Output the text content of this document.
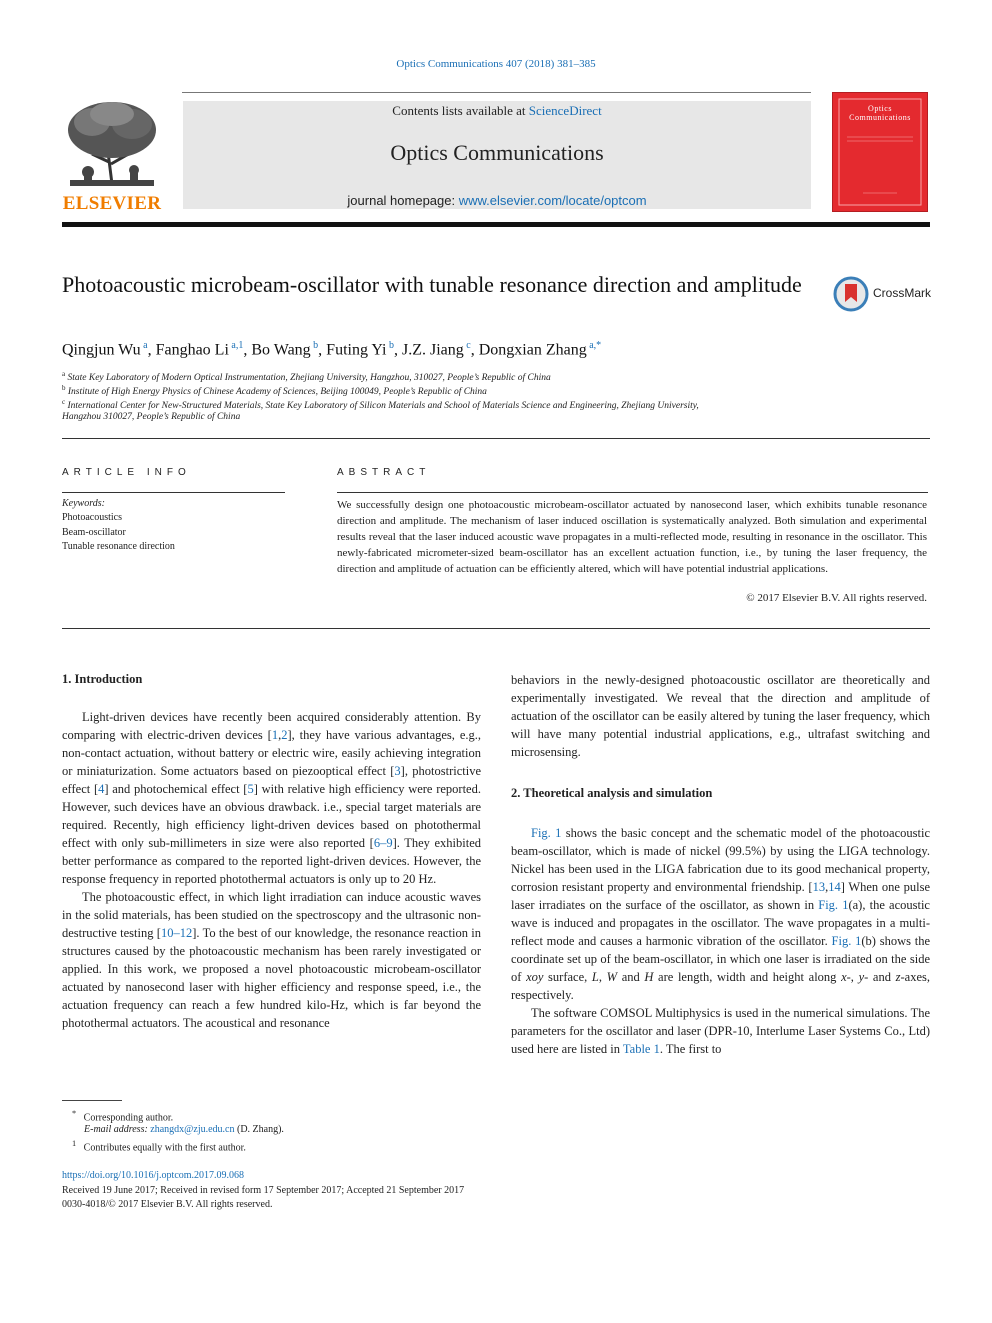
Optics Communications 407 (2018) 381–385
ELSEVIER
Contents lists available at ScienceDirect
Optics Communications
journal homepage: www.elsevier.com/locate/optcom
Optics Communications
Photoacoustic microbeam-oscillator with tunable resonance direction and amplitude	CrossMark
Qingjun Wu $^a$, Fanghao Li $^{a,1}$, Bo Wang $^b$, Futing Yi $^b$, J.Z. Jiang $^c$, Dongxian Zhang $^{a,*}$
$^a$ State Key Laboratory of Modern Optical Instrumentation, Zhejiang University, Hangzhou, 310027, People’s Republic of China
$^b$ Institute of High Energy Physics of Chinese Academy of Sciences, Beijing 100049, People’s Republic of China
$^c$ International Center for New-Structured Materials, State Key Laboratory of Silicon Materials and School of Materials Science and Engineering, Zhejiang University,
Hangzhou 310027, People’s Republic of China
ARTICLE INFO	ABSTRACT
Keywords:
Photoacoustics
Beam-oscillator
Tunable resonance direction
We successfully design one photoacoustic microbeam-oscillator actuated by nanosecond laser, which exhibits tunable resonance direction and amplitude. The mechanism of laser induced oscillation is systematically analyzed. Both simulation and experimental results reveal that the laser induced acoustic wave propagates in a multi-reflected mode, resulting in resonance in the oscillator. This newly-fabricated micrometer-sized beam-oscillator has an excellent actuation function, i.e., by tuning the laser frequency, the direction and amplitude of actuation can be efficiently altered, which will have potential industrial applications.
© 2017 Elsevier B.V. All rights reserved.
1. Introduction

Light-driven devices have recently been acquired considerably attention. By comparing with electric-driven devices [1,2], they have various advantages, e.g., non-contact actuation, without battery or electric wire, easily achieving integration or miniaturization. Some actuators based on piezooptical effect [3], photostrictive effect [4] and photochemical effect [5] with relative high efficiency were reported. However, such devices have an obvious drawback. i.e., special target materials are required. Recently, high efficiency light-driven devices based on photothermal effect with only sub-millimeters in size were also reported [6–9]. They exhibited better performance as compared to the reported light-driven devices. However, the response frequency in reported photothermal actuators is only up to 20 Hz.

The photoacoustic effect, in which light irradiation can induce acoustic waves in the solid materials, has been studied on the spectroscopy and the ultrasonic non-destructive testing [10–12]. To the best of our knowledge, the resonance reaction in structures caused by the photoacoustic mechanism has been rarely investigated or applied. In this work, we proposed a novel photoacoustic microbeam-oscillator actuated by nanosecond laser with higher efficiency and response speed, i.e., the actuation frequency can reach a few hundred kilo-Hz, which is far beyond the photothermal actuators. The acoustical and resonance

behaviors in the newly-designed photoacoustic oscillator are theoretically and experimentally investigated. We reveal that the direction and amplitude of actuation of the oscillator can be easily altered by tuning the laser frequency, which will have many potential industrial applications, e.g., ultrafast switching and microsensing.

2. Theoretical analysis and simulation

Fig. 1 shows the basic concept and the schematic model of the photoacoustic beam-oscillator, which is made of nickel (99.5%) by using the LIGA technology. Nickel has been used in the LIGA fabrication due to its good mechanical property, corrosion resistant property and environmental friendship. [13,14] When one pulse laser irradiates on the surface of the oscillator, as shown in Fig. 1(a), the acoustic wave is induced and propagates in the oscillator. The wave propagates in a multi-reflect mode and causes a harmonic vibration of the oscillator. Fig. 1(b) shows the coordinate set up of the beam-oscillator, in which one laser is irradiated on the side of xoy surface, L, W and H are length, width and height along x-, y- and z-axes, respectively.

The software COMSOL Multiphysics is used in the numerical simulations. The parameters for the oscillator and laser (DPR-10, Interlume Laser Systems Co., Ltd) used here are listed in Table 1. The first to

* Corresponding author.
E-mail address: zhangdx@zju.edu.cn (D. Zhang).
$^1$ Contributes equally with the first author.
https://doi.org/10.1016/j.optcom.2017.09.068
Received 19 June 2017; Received in revised form 17 September 2017; Accepted 21 September 2017
0030-4018/© 2017 Elsevier B.V. All rights reserved.
